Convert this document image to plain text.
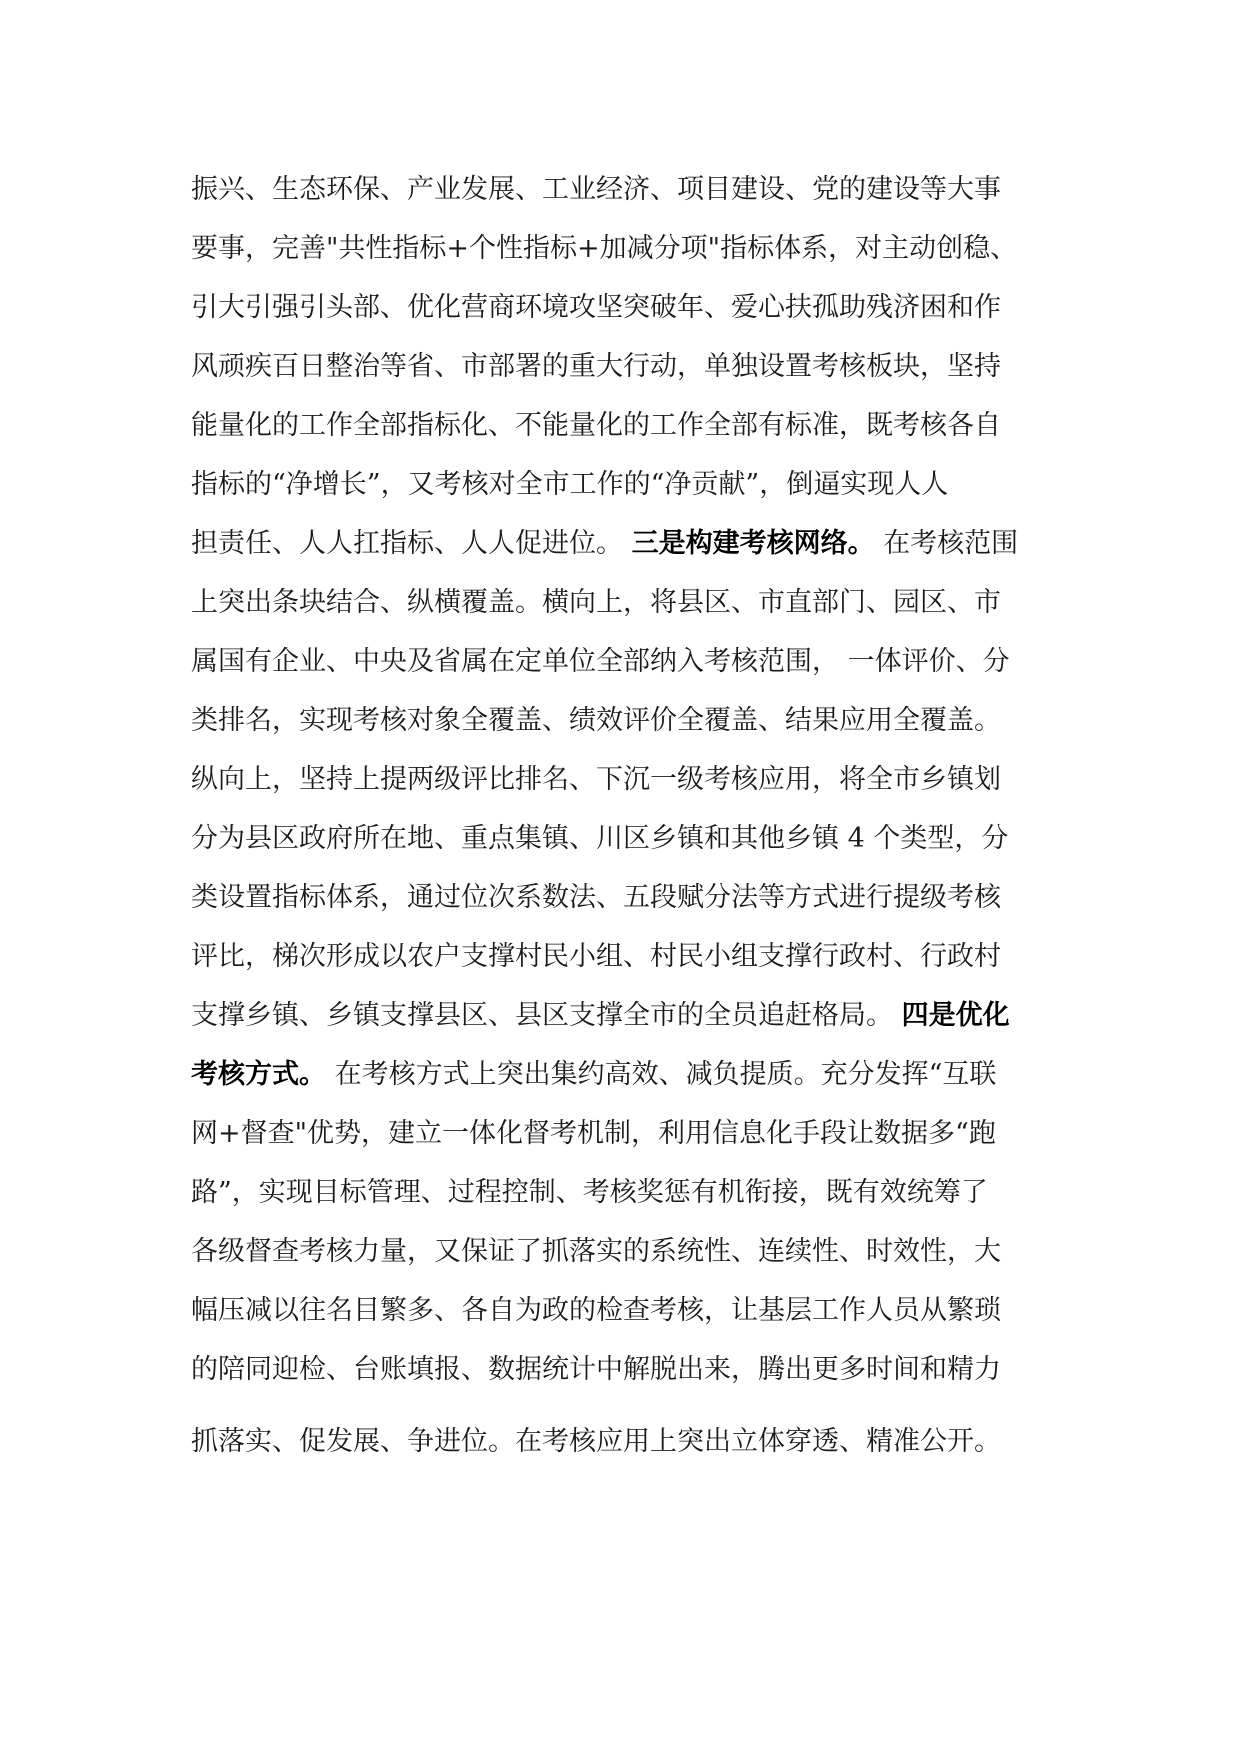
振兴、生态环保、产业发展、工业经济、项目建设、党的建设等大事
要事，完善"共性指标+个性指标+加减分项"指标体系，对主动创稳、
引大引强引头部、优化营商环境攻坚突破年、爱心扶孤助残济困和作
风顽疾百日整治等省、市部署的重大行动，单独设置考核板块，坚持
能量化的工作全部指标化、不能量化的工作全部有标准，既考核各自
指标的“净增长”，又考核对全市工作的“净贡献”，倒逼实现人人
担责任、人人扛指标、人人促进位。 三是构建考核网络。 在考核范围
上突出条块结合、纵横覆盖。横向上，将县区、市直部门、园区、市
属国有企业、中央及省属在定单位全部纳入考核范围， 一体评价、分
类排名，实现考核对象全覆盖、绩效评价全覆盖、结果应用全覆盖。
纵向上，坚持上提两级评比排名、下沉一级考核应用，将全市乡镇划
分为县区政府所在地、重点集镇、川区乡镇和其他乡镇 4 个类型，分
类设置指标体系，通过位次系数法、五段赋分法等方式进行提级考核
评比，梯次形成以农户支撑村民小组、村民小组支撑行政村、行政村
支撑乡镇、乡镇支撑县区、县区支撑全市的全员追赶格局。 四是优化
考核方式。 在考核方式上突出集约高效、减负提质。充分发挥“互联
网+督查"优势，建立一体化督考机制，利用信息化手段让数据多“跑
路”，实现目标管理、过程控制、考核奖惩有机衔接，既有效统筹了
各级督查考核力量，又保证了抓落实的系统性、连续性、时效性，大
幅压减以往名目繁多、各自为政的检查考核，让基层工作人员从繁琐
的陪同迎检、台账填报、数据统计中解脱出来，腾出更多时间和精力
抓落实、促发展、争进位。在考核应用上突出立体穿透、精准公开。
